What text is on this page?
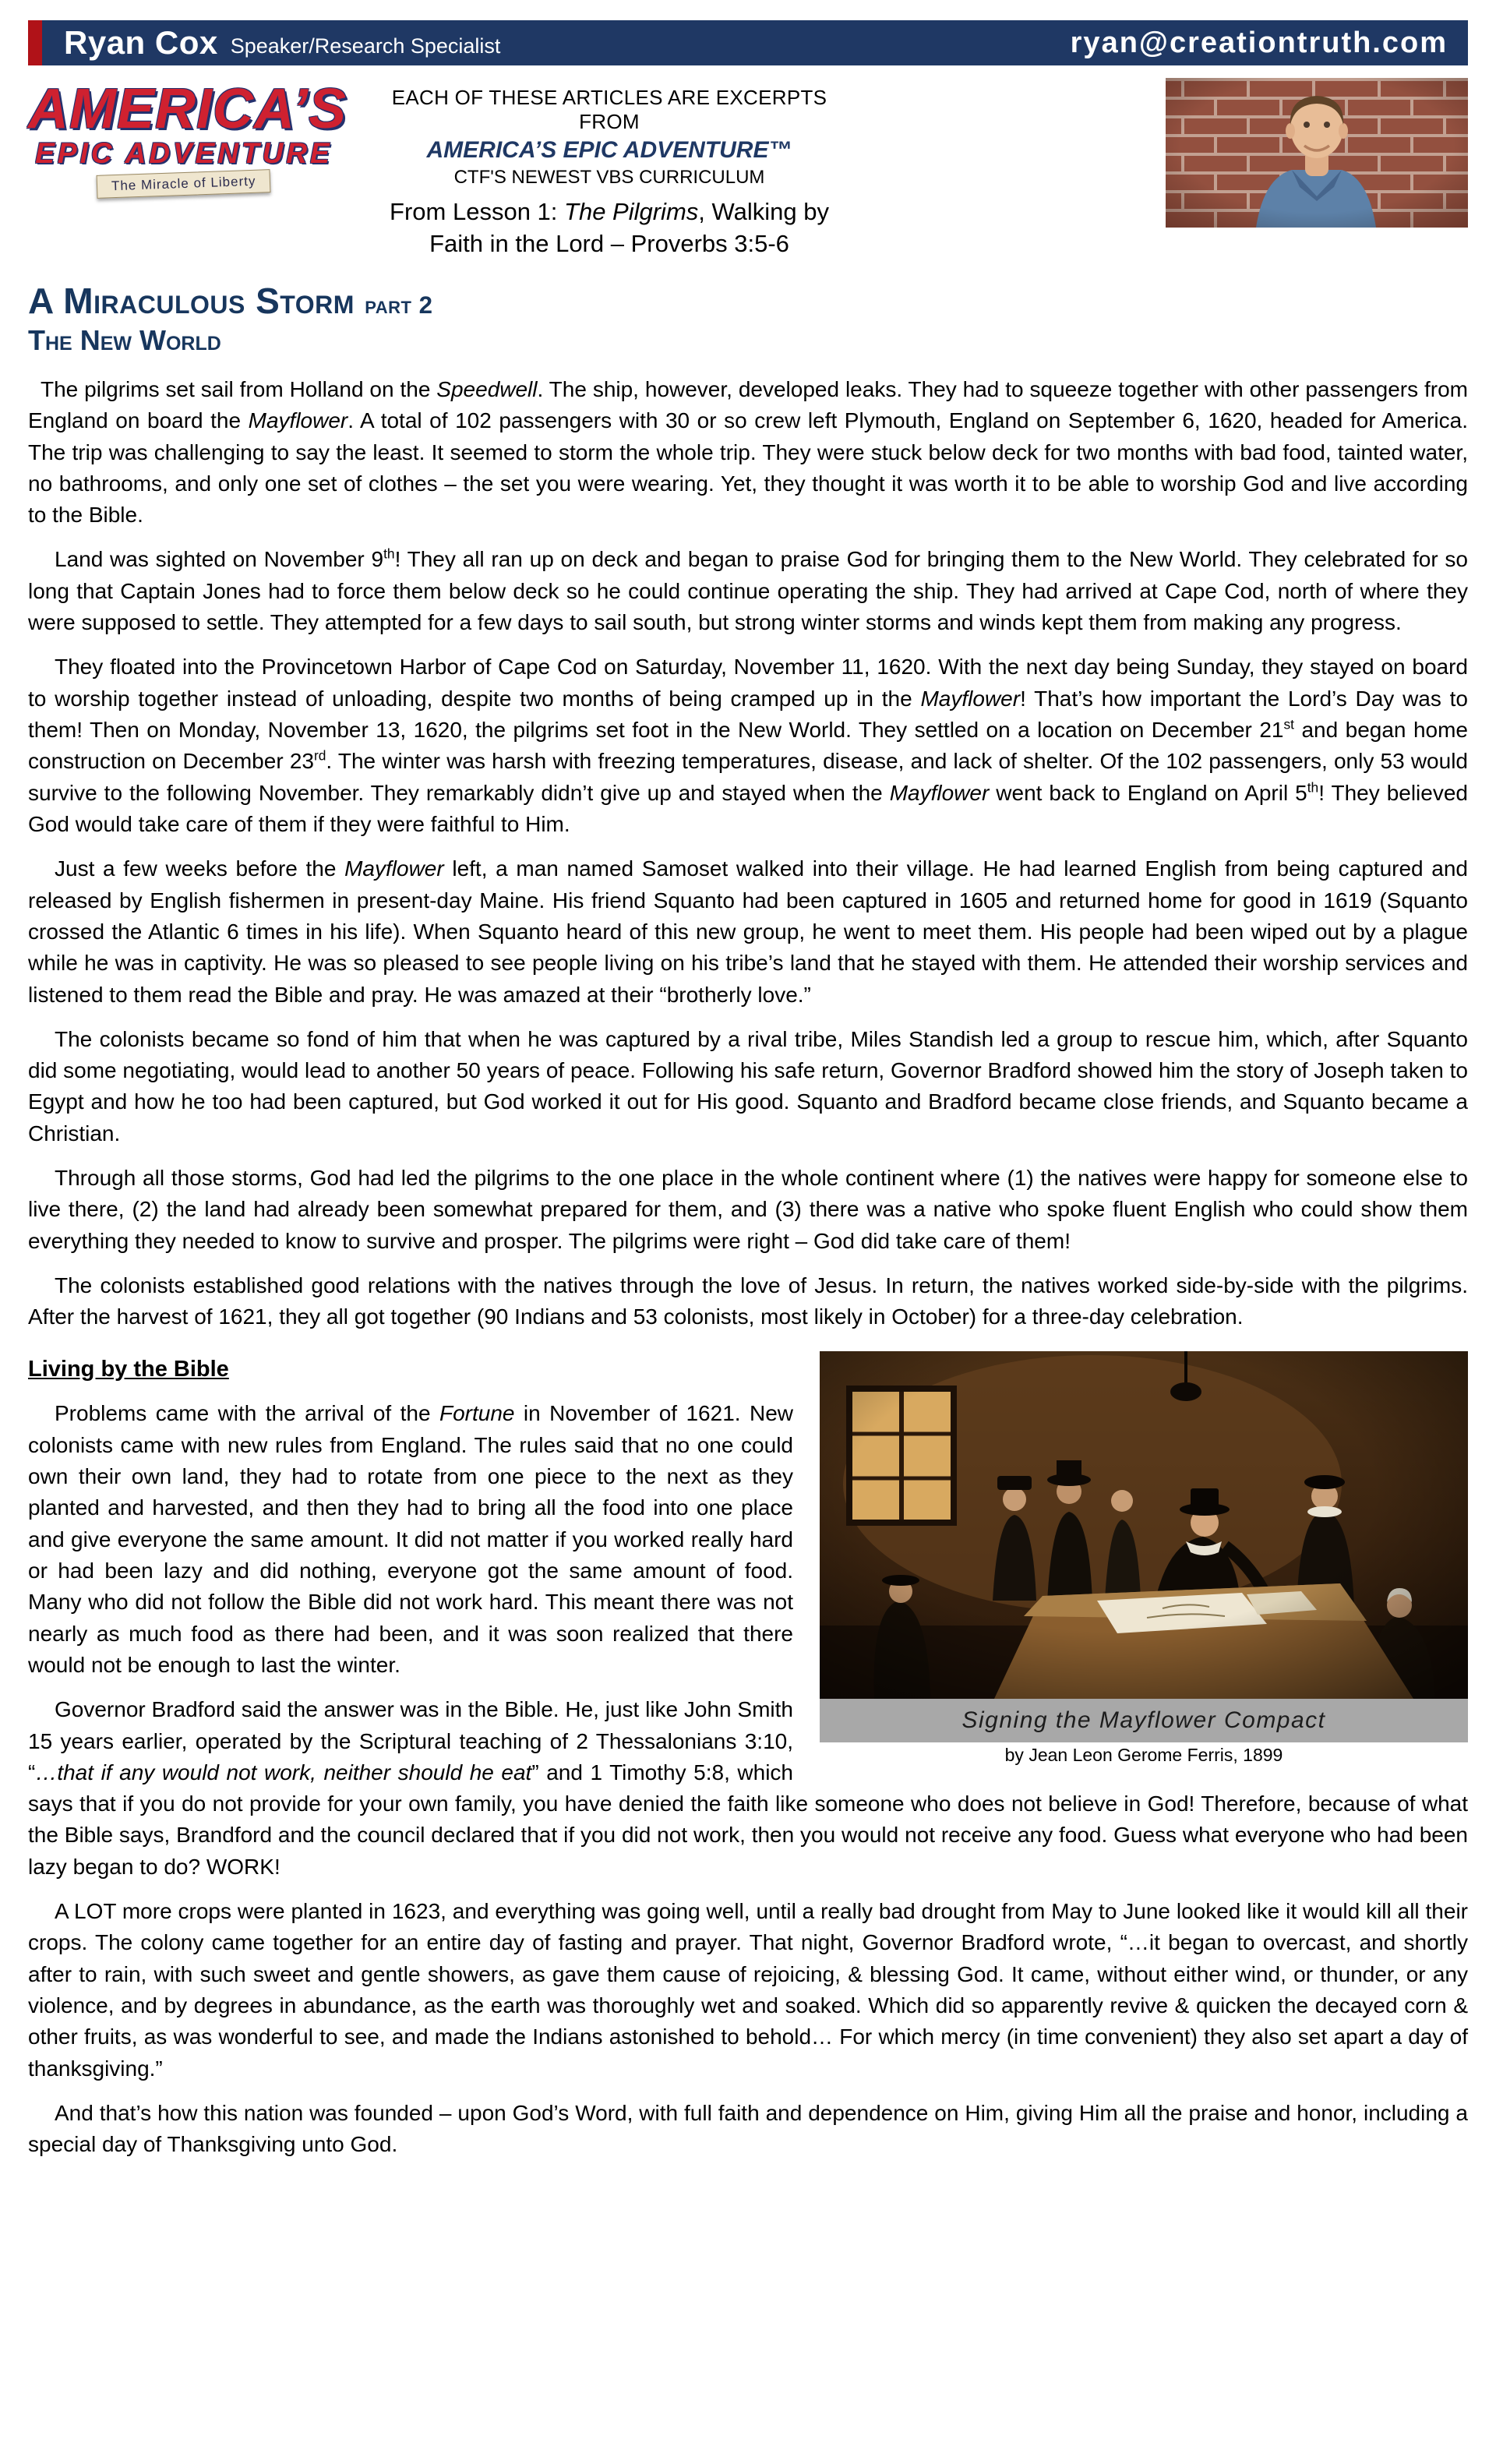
Ryan Cox Speaker/Research Specialist	ryan@creationtruth.com
AMERICA’S
EPIC ADVENTURE
The Miracle of Liberty
EACH OF THESE ARTICLES ARE EXCERPTS FROM
AMERICA’S EPIC ADVENTURE™
CTF'S NEWEST VBS CURRICULUM
From Lesson 1: The Pilgrims, Walking by
Faith in the Lord – Proverbs 3:5-6
A Miraculous Storm part 2
The New World

The pilgrims set sail from Holland on the Speedwell. The ship, however, developed leaks. They had to squeeze together with other passengers from England on board the Mayflower. A total of 102 passengers with 30 or so crew left Plymouth, England on September 6, 1620, headed for America. The trip was challenging to say the least. It seemed to storm the whole trip. They were stuck below deck for two months with bad food, tainted water, no bathrooms, and only one set of clothes – the set you were wearing. Yet, they thought it was worth it to be able to worship God and live according to the Bible.

Land was sighted on November 9th! They all ran up on deck and began to praise God for bringing them to the New World. They celebrated for so long that Captain Jones had to force them below deck so he could continue operating the ship. They had arrived at Cape Cod, north of where they were supposed to settle. They attempted for a few days to sail south, but strong winter storms and winds kept them from making any progress.

They floated into the Provincetown Harbor of Cape Cod on Saturday, November 11, 1620. With the next day being Sunday, they stayed on board to worship together instead of unloading, despite two months of being cramped up in the Mayflower! That’s how important the Lord’s Day was to them! Then on Monday, November 13, 1620, the pilgrims set foot in the New World. They settled on a location on December 21st and began home construction on December 23rd. The winter was harsh with freezing temperatures, disease, and lack of shelter. Of the 102 passengers, only 53 would survive to the following November. They remarkably didn’t give up and stayed when the Mayflower went back to England on April 5th! They believed God would take care of them if they were faithful to Him.

Just a few weeks before the Mayflower left, a man named Samoset walked into their village. He had learned English from being captured and released by English fishermen in present-day Maine. His friend Squanto had been captured in 1605 and returned home for good in 1619 (Squanto crossed the Atlantic 6 times in his life). When Squanto heard of this new group, he went to meet them. His people had been wiped out by a plague while he was in captivity. He was so pleased to see people living on his tribe’s land that he stayed with them. He attended their worship services and listened to them read the Bible and pray. He was amazed at their “brotherly love.”

The colonists became so fond of him that when he was captured by a rival tribe, Miles Standish led a group to rescue him, which, after Squanto did some negotiating, would lead to another 50 years of peace. Following his safe return, Governor Bradford showed him the story of Joseph taken to Egypt and how he too had been captured, but God worked it out for His good. Squanto and Bradford became close friends, and Squanto became a Christian.

Through all those storms, God had led the pilgrims to the one place in the whole continent where (1) the natives were happy for someone else to live there, (2) the land had already been somewhat prepared for them, and (3) there was a native who spoke fluent English who could show them everything they needed to know to survive and prosper. The pilgrims were right – God did take care of them!

The colonists established good relations with the natives through the love of Jesus. In return, the natives worked side-by-side with the pilgrims. After the harvest of 1621, they all got together (90 Indians and 53 colonists, most likely in October) for a three-day celebration.

Signing the Mayflower Compact
by Jean Leon Gerome Ferris, 1899
Living by the Bible

Problems came with the arrival of the Fortune in November of 1621. New colonists came with new rules from England. The rules said that no one could own their own land, they had to rotate from one piece to the next as they planted and harvested, and then they had to bring all the food into one place and give everyone the same amount. It did not matter if you worked really hard or had been lazy and did nothing, everyone got the same amount of food. Many who did not follow the Bible did not work hard. This meant there was not nearly as much food as there had been, and it was soon realized that there would not be enough to last the winter.

Governor Bradford said the answer was in the Bible. He, just like John Smith 15 years earlier, operated by the Scriptural teaching of 2 Thessalonians 3:10, “…that if any would not work, neither should he eat” and 1 Timothy 5:8, which says that if you do not provide for your own family, you have denied the faith like someone who does not believe in God! Therefore, because of what the Bible says, Brandford and the council declared that if you did not work, then you would not receive any food. Guess what everyone who had been lazy began to do? WORK!

A LOT more crops were planted in 1623, and everything was going well, until a really bad drought from May to June looked like it would kill all their crops. The colony came together for an entire day of fasting and prayer. That night, Governor Bradford wrote, “…it began to overcast, and shortly after to rain, with such sweet and gentle showers, as gave them cause of rejoicing, & blessing God. It came, without either wind, or thunder, or any violence, and by degrees in abundance, as the earth was thoroughly wet and soaked. Which did so apparently revive & quicken the decayed corn & other fruits, as was wonderful to see, and made the Indians astonished to behold… For which mercy (in time convenient) they also set apart a day of thanksgiving.”

And that’s how this nation was founded – upon God’s Word, with full faith and dependence on Him, giving Him all the praise and honor, including a special day of Thanksgiving unto God.
